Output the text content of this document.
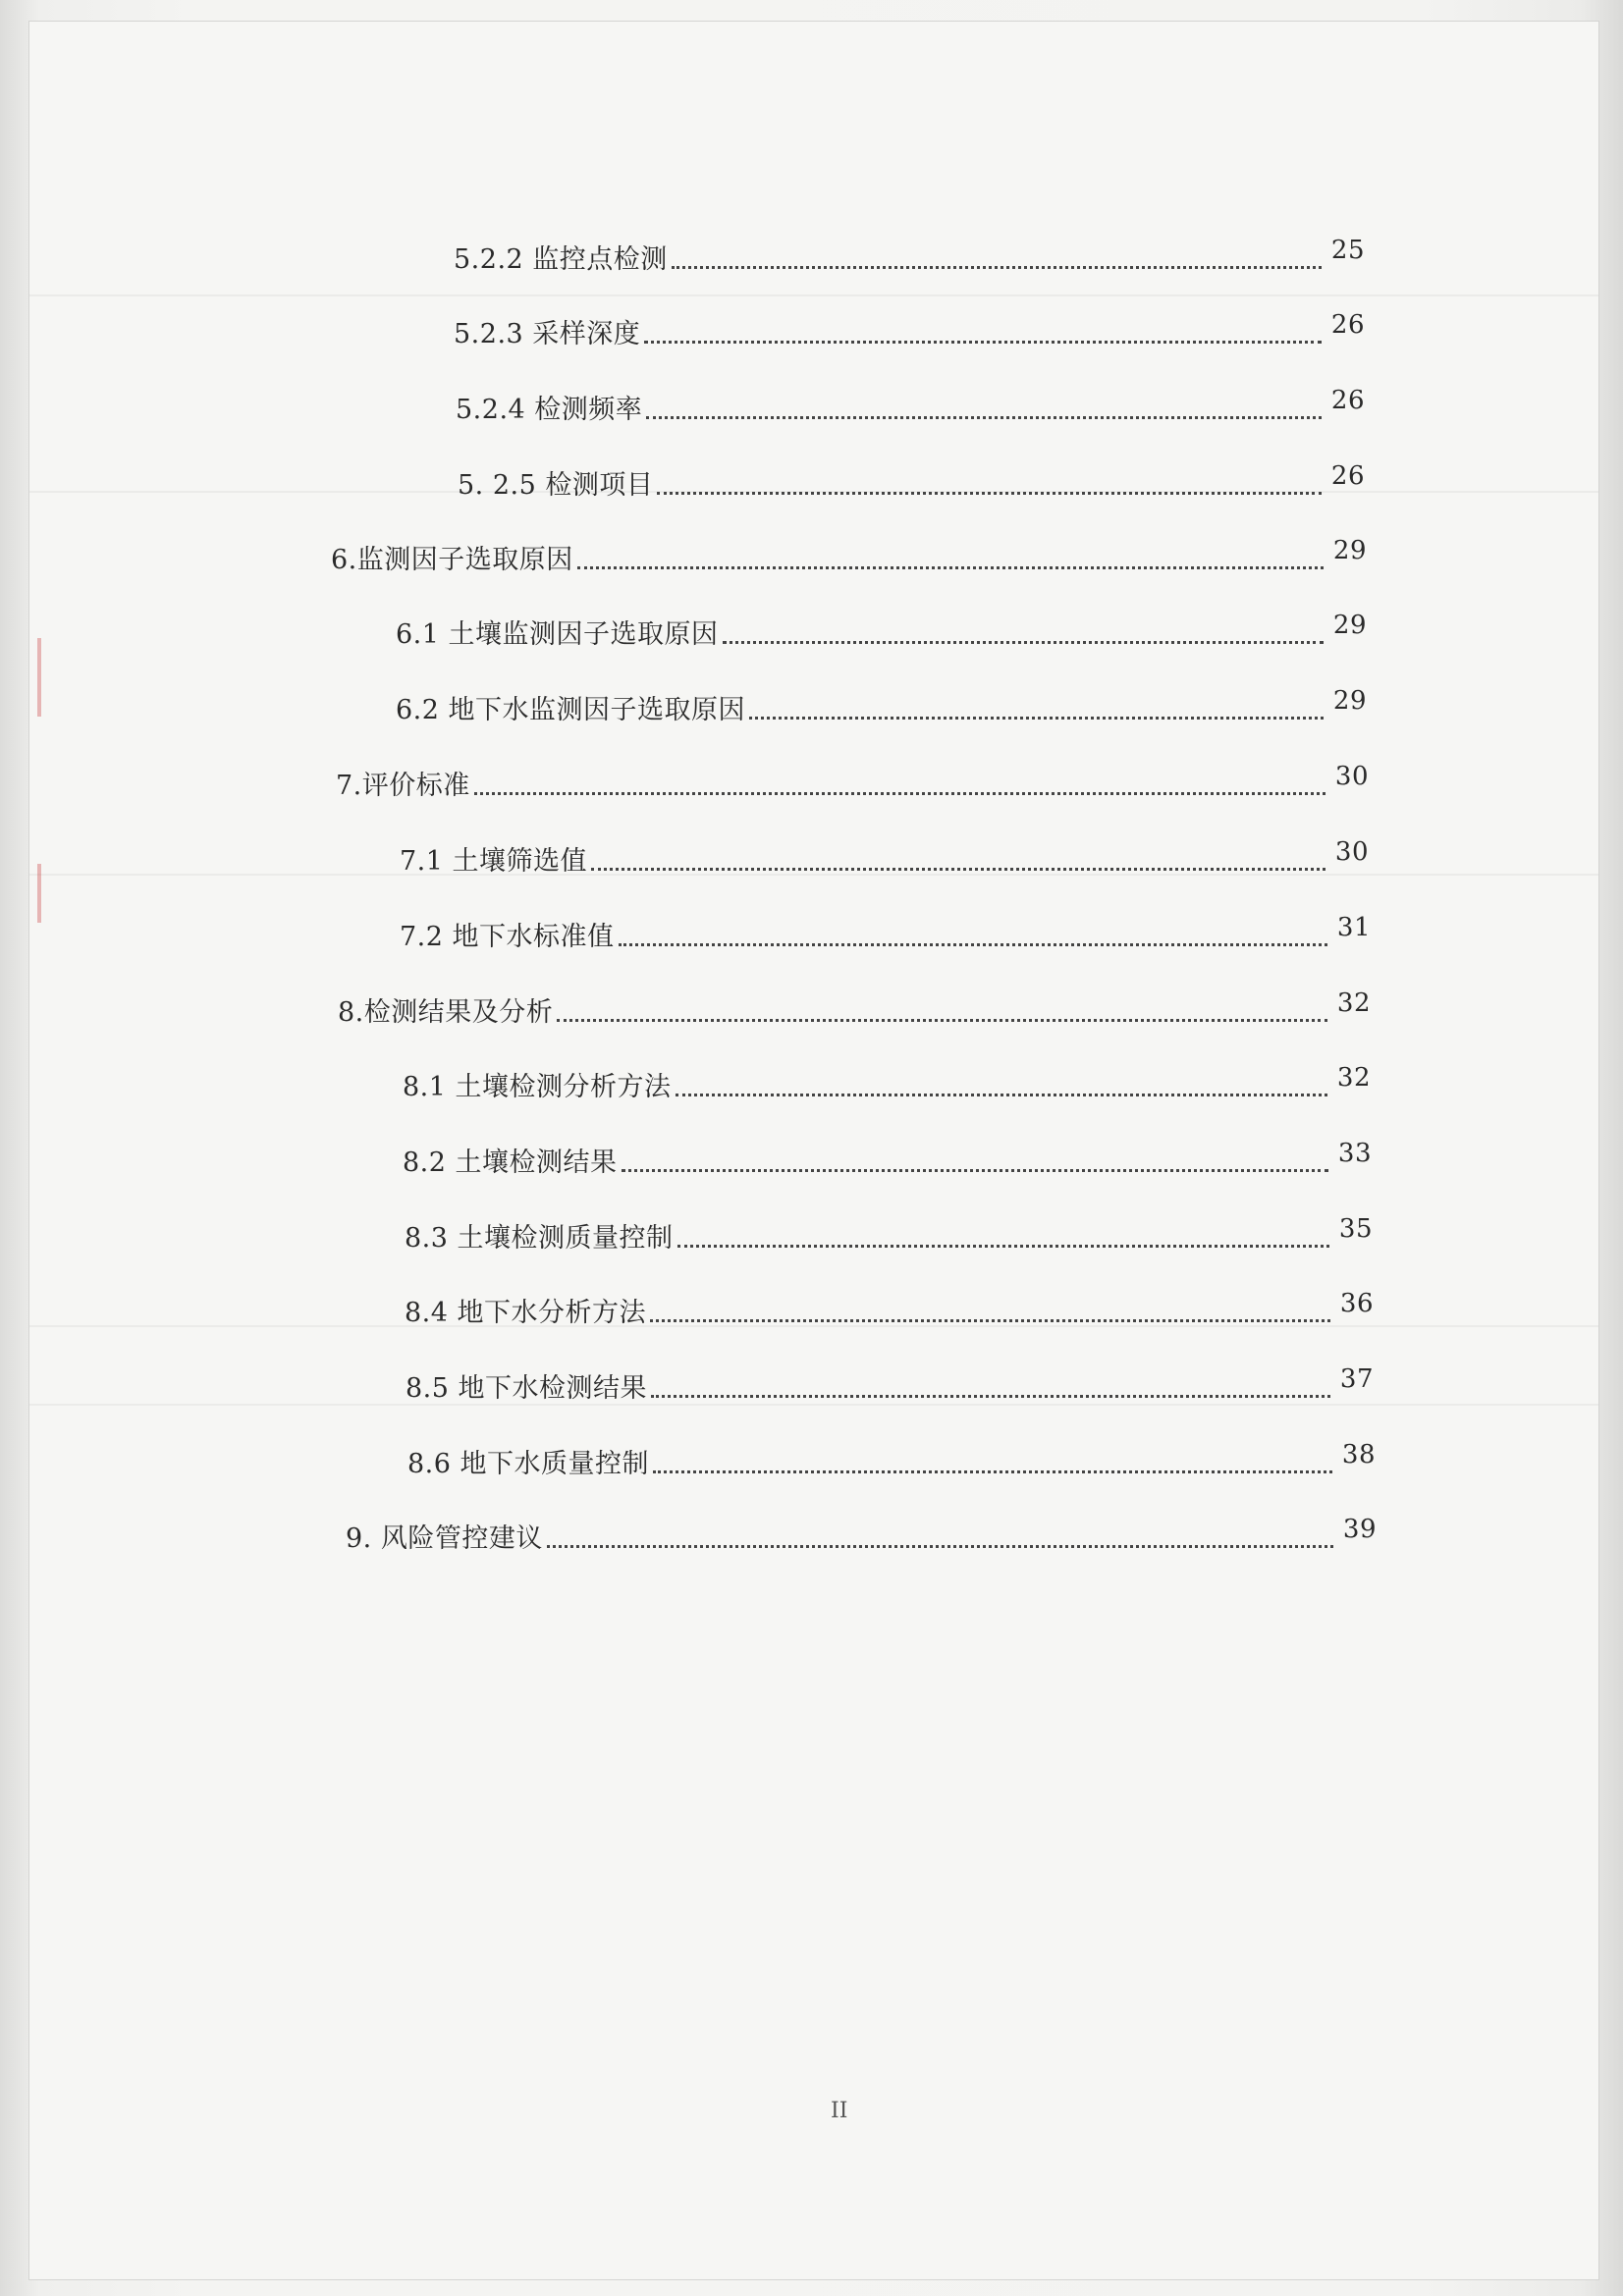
5.2.2 监控点检测	25
5.2.3 采样深度	26
5.2.4 检测频率	26
5. 2.5 检测项目	26
6.监测因子选取原因	29
6.1 土壤监测因子选取原因	29
6.2 地下水监测因子选取原因	29
7.评价标准	30
7.1 土壤筛选值	30
7.2 地下水标准值	31
8.检测结果及分析	32
8.1 土壤检测分析方法	32
8.2 土壤检测结果	33
8.3 土壤检测质量控制	35
8.4 地下水分析方法	36
8.5 地下水检测结果	37
8.6 地下水质量控制	38
9. 风险管控建议	39
II
